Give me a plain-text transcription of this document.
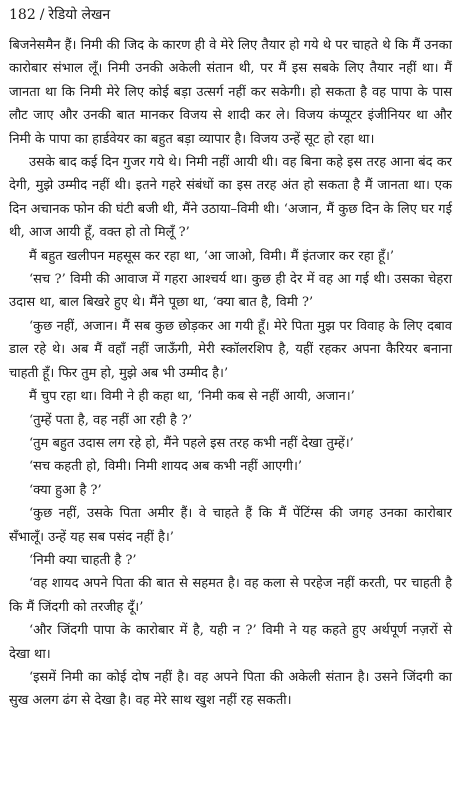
182 / रेडियो लेखन

बिजनेसमैन हैं। निमी की जिद के कारण ही वे मेरे लिए तैयार हो गये थे पर चाहते थे कि मैं उनका कारोबार संभाल लूँ। निमी उनकी अकेली संतान थी, पर मैं इस सबके लिए तैयार नहीं था। मैं जानता था कि निमी मेरे लिए कोई बड़ा उत्सर्ग नहीं कर सकेगी। हो सकता है वह पापा के पास लौट जाए और उनकी बात मानकर विजय से शादी कर ले। विजय कंप्यूटर इंजीनियर था और निमी के पापा का हार्डवेयर का बहुत बड़ा व्यापार है। विजय उन्हें सूट हो रहा था।

उसके बाद कई दिन गुजर गये थे। निमी नहीं आयी थी। वह बिना कहे इस तरह आना बंद कर देगी, मुझे उम्मीद नहीं थी। इतने गहरे संबंधों का इस तरह अंत हो सकता है मैं जानता था। एक दिन अचानक फोन की घंटी बजी थी, मैंने उठाया–विमी थी। ‘अजान, मैं कुछ दिन के लिए घर गई थी, आज आयी हूँ, वक्त हो तो मिलूँ ?’

मैं बहुत खलीपन महसूस कर रहा था, ‘आ जाओ, विमी। मैं इंतजार कर रहा हूँ।’

‘सच ?’ विमी की आवाज में गहरा आश्चर्य था। कुछ ही देर में वह आ गई थी। उसका चेहरा उदास था, बाल बिखरे हुए थे। मैंने पूछा था, ‘क्या बात है, विमी ?’

‘कुछ नहीं, अजान। मैं सब कुछ छोड़कर आ गयी हूँ। मेरे पिता मुझ पर विवाह के लिए दबाव डाल रहे थे। अब मैं वहाँ नहीं जाऊँगी, मेरी स्कॉलरशिप है, यहीं रहकर अपना कैरियर बनाना चाहती हूँ। फिर तुम हो, मुझे अब भी उम्मीद है।’

मैं चुप रहा था। विमी ने ही कहा था, ‘निमी कब से नहीं आयी, अजान।’

‘तुम्हें पता है, वह नहीं आ रही है ?’

‘तुम बहुत उदास लग रहे हो, मैंने पहले इस तरह कभी नहीं देखा तुम्हें।’

‘सच कहती हो, विमी। निमी शायद अब कभी नहीं आएगी।’

‘क्या हुआ है ?’

‘कुछ नहीं, उसके पिता अमीर हैं। वे चाहते हैं कि मैं पेंटिंग्स की जगह उनका कारोबार सँभालूँ। उन्हें यह सब पसंद नहीं है।’

‘निमी क्या चाहती है ?’

‘वह शायद अपने पिता की बात से सहमत है। वह कला से परहेज नहीं करती, पर चाहती है कि मैं जिंदगी को तरजीह दूँ।’

‘और जिंदगी पापा के कारोबार में है, यही न ?’ विमी ने यह कहते हुए अर्थपूर्ण नज़रों से देखा था।

‘इसमें निमी का कोई दोष नहीं है। वह अपने पिता की अकेली संतान है। उसने जिंदगी का सुख अलग ढंग से देखा है। वह मेरे साथ खुश नहीं रह सकती।
